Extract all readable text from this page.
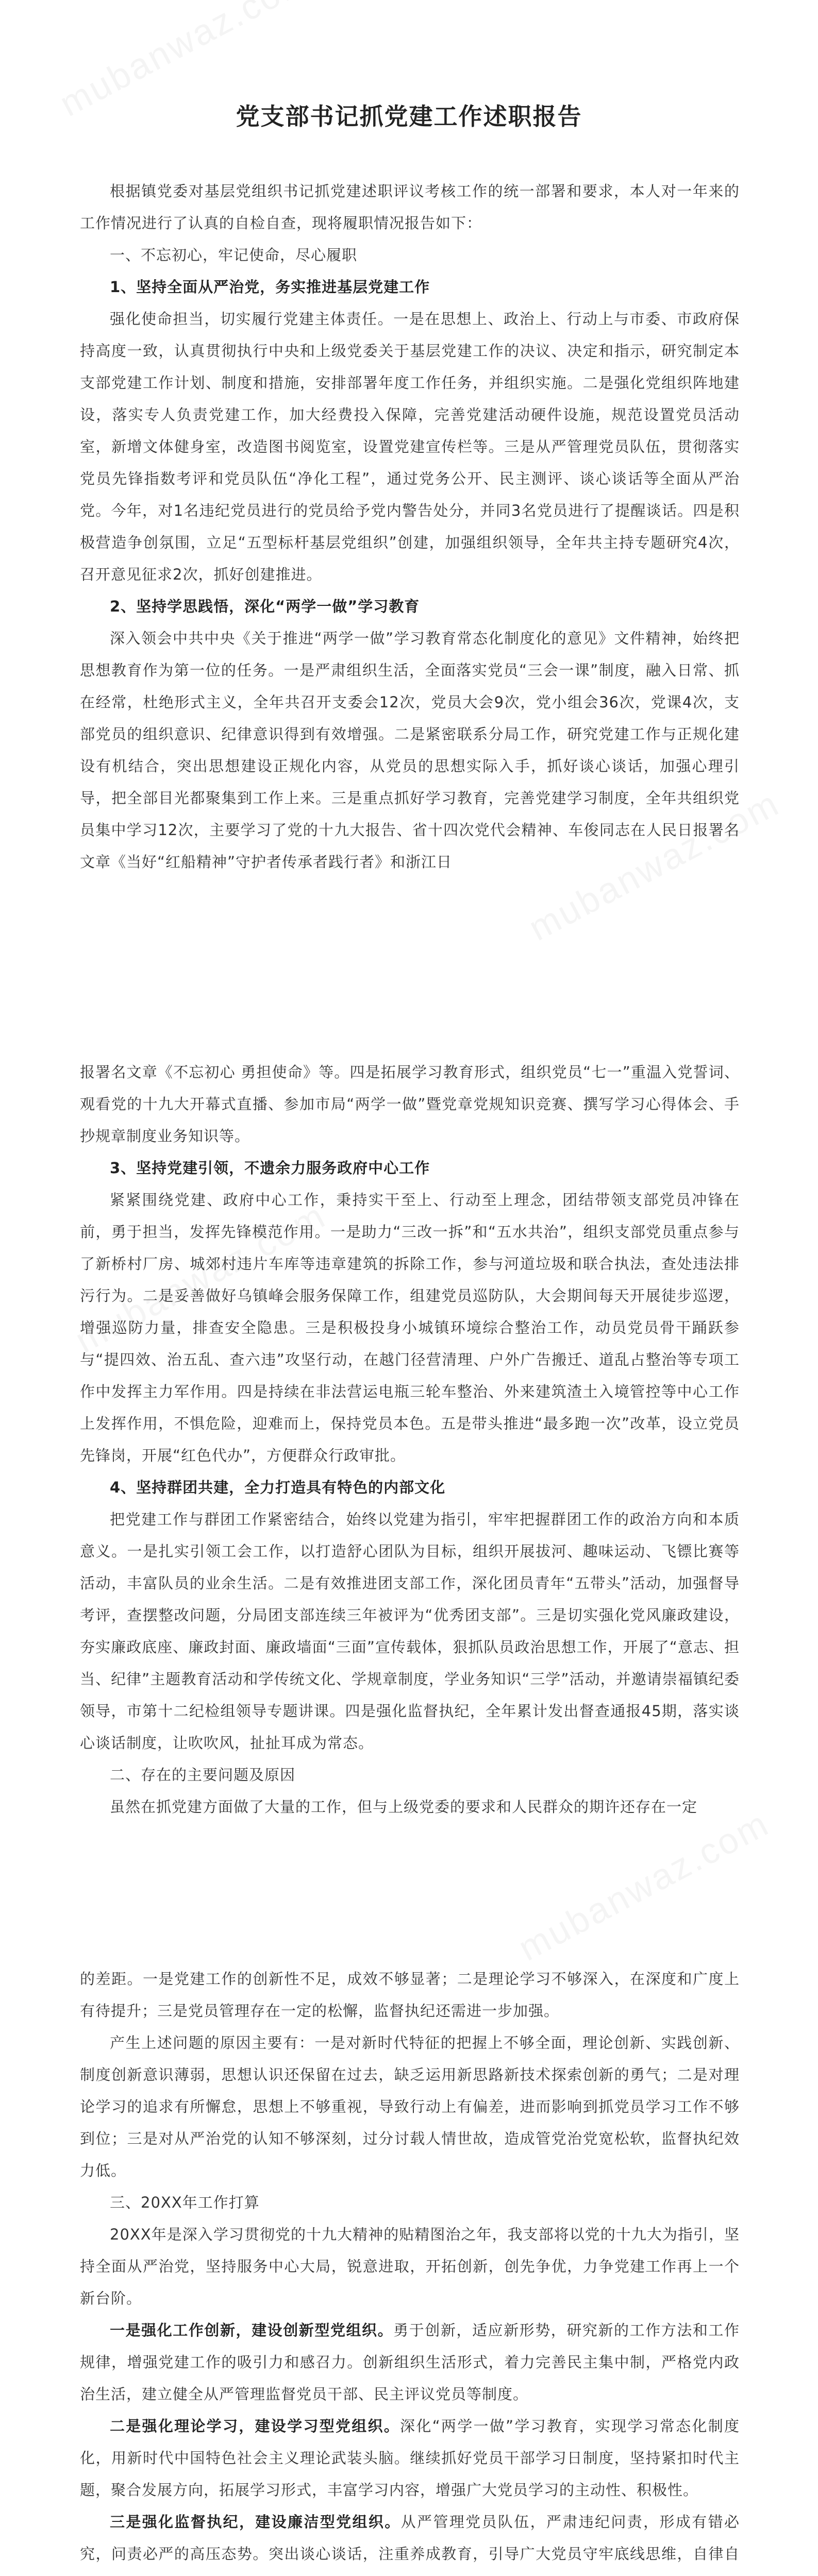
党支部书记抓党建工作述职报告

根据镇党委对基层党组织书记抓党建述职评议考核工作的统一部署和要求，本人对一年来的工作情况进行了认真的自检自查，现将履职情况报告如下：

一、不忘初心，牢记使命，尽心履职

1、坚持全面从严治党，务实推进基层党建工作

强化使命担当，切实履行党建主体责任。一是在思想上、政治上、行动上与市委、市政府保持高度一致，认真贯彻执行中央和上级党委关于基层党建工作的决议、决定和指示，研究制定本支部党建工作计划、制度和措施，安排部署年度工作任务，并组织实施。二是强化党组织阵地建设，落实专人负责党建工作，加大经费投入保障，完善党建活动硬件设施，规范设置党员活动室，新增文体健身室，改造图书阅览室，设置党建宣传栏等。三是从严管理党员队伍，贯彻落实党员先锋指数考评和党员队伍“净化工程”，通过党务公开、民主测评、谈心谈话等全面从严治党。今年，对1名违纪党员进行的党员给予党内警告处分，并同3名党员进行了提醒谈话。四是积极营造争创氛围，立足“五型标杆基层党组织”创建，加强组织领导，全年共主持专题研究4次，召开意见征求2次，抓好创建推进。

2、坚持学思践悟，深化“两学一做”学习教育

深入领会中共中央《关于推进“两学一做”学习教育常态化制度化的意见》文件精神，始终把思想教育作为第一位的任务。一是严肃组织生活，全面落实党员“三会一课”制度，融入日常、抓在经常，杜绝形式主义，全年共召开支委会12次，党员大会9次，党小组会36次，党课4次，支部党员的组织意识、纪律意识得到有效增强。二是紧密联系分局工作，研究党建工作与正规化建设有机结合，突出思想建设正规化内容，从党员的思想实际入手，抓好谈心谈话，加强心理引导，把全部目光都聚集到工作上来。三是重点抓好学习教育，完善党建学习制度，全年共组织党员集中学习12次，主要学习了党的十九大报告、省十四次党代会精神、车俊同志在人民日报署名文章《当好“红船精神”守护者传承者践行者》和浙江日

报署名文章《不忘初心 勇担使命》等。四是拓展学习教育形式，组织党员“七一”重温入党誓词、观看党的十九大开幕式直播、参加市局“两学一做”暨党章党规知识竞赛、撰写学习心得体会、手抄规章制度业务知识等。

3、坚持党建引领，不遗余力服务政府中心工作

紧紧围绕党建、政府中心工作，秉持实干至上、行动至上理念，团结带领支部党员冲锋在前，勇于担当，发挥先锋模范作用。一是助力“三改一拆”和“五水共治”，组织支部党员重点参与了新桥村厂房、城郊村违片车库等违章建筑的拆除工作，参与河道垃圾和联合执法，查处违法排污行为。二是妥善做好乌镇峰会服务保障工作，组建党员巡防队，大会期间每天开展徒步巡逻，增强巡防力量，排查安全隐患。三是积极投身小城镇环境综合整治工作，动员党员骨干踊跃参与“提四效、治五乱、查六违”攻坚行动，在越门径营清理、户外广告搬迁、道乱占整治等专项工作中发挥主力军作用。四是持续在非法营运电瓶三轮车整治、外来建筑渣土入境管控等中心工作上发挥作用，不惧危险，迎难而上，保持党员本色。五是带头推进“最多跑一次”改革，设立党员先锋岗，开展“红色代办”，方便群众行政审批。

4、坚持群团共建，全力打造具有特色的内部文化

把党建工作与群团工作紧密结合，始终以党建为指引，牢牢把握群团工作的政治方向和本质意义。一是扎实引领工会工作，以打造舒心团队为目标，组织开展拔河、趣味运动、飞镖比赛等活动，丰富队员的业余生活。二是有效推进团支部工作，深化团员青年“五带头”活动，加强督导考评，查摆整改问题，分局团支部连续三年被评为“优秀团支部”。三是切实强化党风廉政建设，夯实廉政底座、廉政封面、廉政墙面“三面”宣传载体，狠抓队员政治思想工作，开展了“意志、担当、纪律”主题教育活动和学传统文化、学规章制度，学业务知识“三学”活动，并邀请崇福镇纪委领导，市第十二纪检组领导专题讲课。四是强化监督执纪，全年累计发出督查通报45期，落实谈心谈话制度，让吹吹风，扯扯耳成为常态。

二、存在的主要问题及原因

虽然在抓党建方面做了大量的工作，但与上级党委的要求和人民群众的期许还存在一定

的差距。一是党建工作的创新性不足，成效不够显著；二是理论学习不够深入，在深度和广度上有待提升；三是党员管理存在一定的松懈，监督执纪还需进一步加强。

产生上述问题的原因主要有：一是对新时代特征的把握上不够全面，理论创新、实践创新、制度创新意识薄弱，思想认识还保留在过去，缺乏运用新思路新技术探索创新的勇气；二是对理论学习的追求有所懈怠，思想上不够重视，导致行动上有偏差，进而影响到抓党员学习工作不够到位；三是对从严治党的认知不够深刻，过分讨载人情世故，造成管党治党宽松软，监督执纪效力低。

三、20XX年工作打算

20XX年是深入学习贯彻党的十九大精神的贴精图治之年，我支部将以党的十九大为指引，坚持全面从严治党，坚持服务中心大局，锐意进取，开拓创新，创先争优，力争党建工作再上一个新台阶。

一是强化工作创新，建设创新型党组织。勇于创新，适应新形势，研究新的工作方法和工作规律，增强党建工作的吸引力和感召力。创新组织生活形式，着力完善民主集中制，严格党内政治生活，建立健全从严管理监督党员干部、民主评议党员等制度。

二是强化理论学习，建设学习型党组织。深化“两学一做”学习教育，实现学习常态化制度化，用新时代中国特色社会主义理论武装头脑。继续抓好党员干部学习日制度，坚持紧扣时代主题，聚合发展方向，拓展学习形式，丰富学习内容，增强广大党员学习的主动性、积极性。

三是强化监督执纪，建设廉洁型党组织。从严管理党员队伍，严肃违纪问责，形成有错必究，问责必严的高压态势。突出谈心谈话，注重养成教育，引导广大党员守牢底线思维，自律自
